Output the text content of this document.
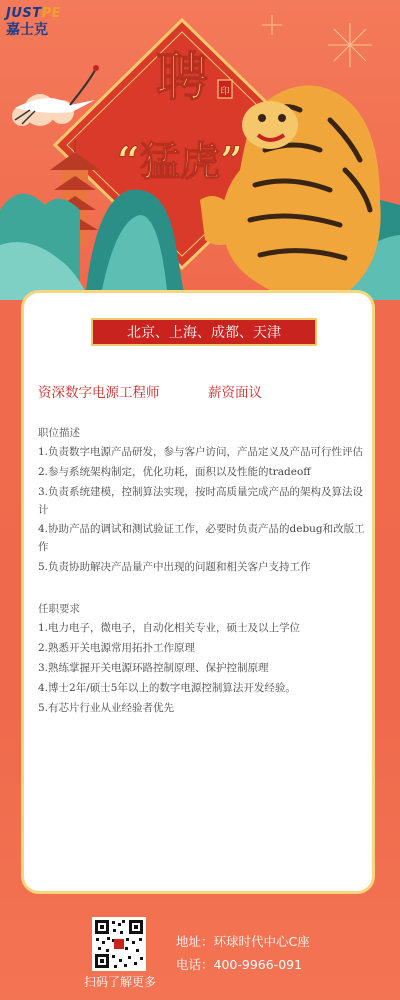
聘
“猛虎”
印
JUSTPE
嘉士克
北京、上海、成都、天津
资深数字电源工程师	薪资面议
职位描述
1.负责数字电源产品研发，参与客户访问，产品定义及产品可行性评估
2.参与系统架构制定，优化功耗，面积以及性能的tradeoff
3.负责系统建模，控制算法实现，按时高质量完成产品的架构及算法设计
4.协助产品的调试和测试验证工作，必要时负责产品的debug和改版工作
5.负责协助解决产品量产中出现的问题和相关客户支持工作
任职要求
1.电力电子，微电子，自动化相关专业，硕士及以上学位
2.熟悉开关电源常用拓扑工作原理
3.熟练掌握开关电源环路控制原理、保护控制原理
4.博士2年/硕士5年以上的数字电源控制算法开发经验。
5.有芯片行业从业经验者优先
扫码了解更多
地址：环球时代中心C座
电话：400-9966-091
